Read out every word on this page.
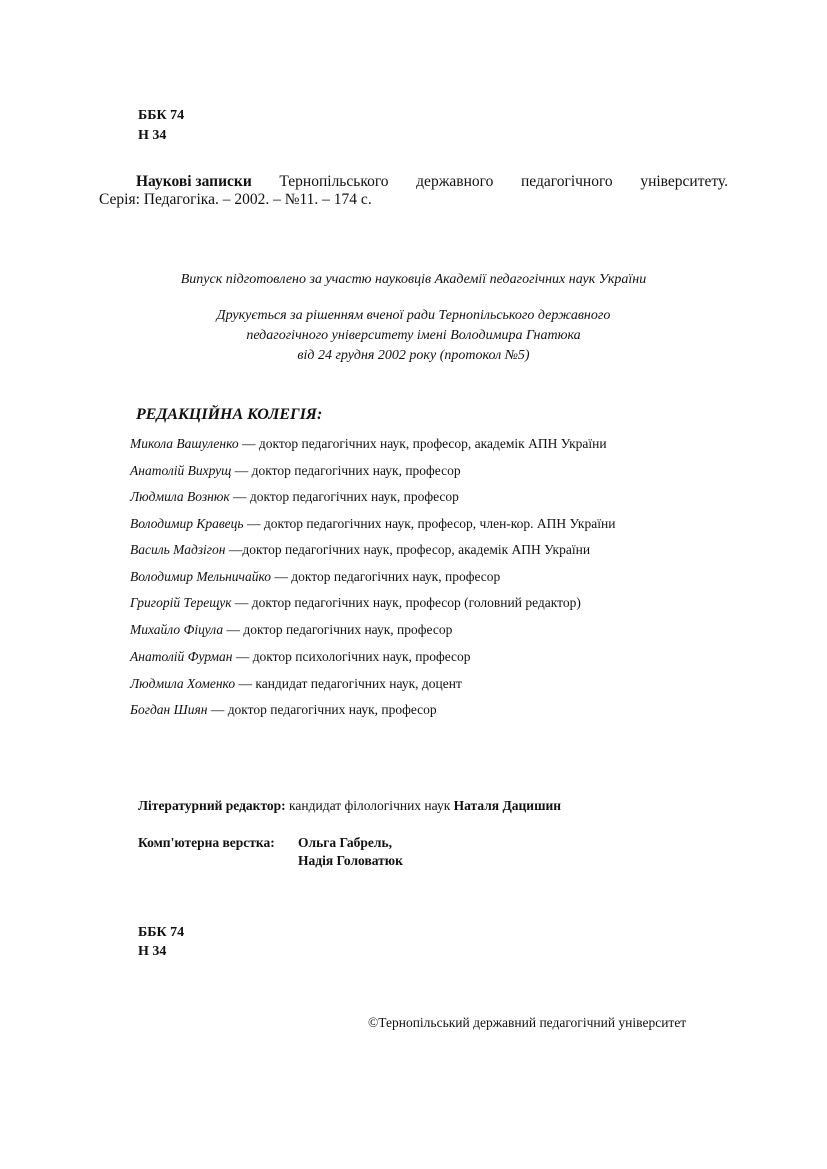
ББК 74
Н 34
Наукові записки Тернопільського державного педагогічного університету.
Серія: Педагогіка. – 2002. – №11. – 174 с.
Випуск підготовлено за участю науковців Академії педагогічних наук України
Друкується за рішенням вченої ради Тернопільського державного
педагогічного університету імені Володимира Гнатюка
від 24 грудня 2002 року (протокол №5)
РЕДАКЦІЙНА КОЛЕГІЯ:
Микола Вашуленко — доктор педагогічних наук, професор, академік АПН України
Анатолій Вихрущ — доктор педагогічних наук, професор
Людмила Вознюк — доктор педагогічних наук, професор
Володимир Кравець — доктор педагогічних наук, професор, член-кор. АПН України
Василь Мадзігон —доктор педагогічних наук, професор, академік АПН України
Володимир Мельничайко — доктор педагогічних наук, професор
Григорій Терещук — доктор педагогічних наук, професор (головний редактор)
Михайло Фіцула — доктор педагогічних наук, професор
Анатолій Фурман — доктор психологічних наук, професор
Людмила Хоменко — кандидат педагогічних наук, доцент
Богдан Шиян — доктор педагогічних наук, професор
Літературний редактор: кандидат філологічних наук Наталя Дацишин
Комп'ютерна верстка: Ольга Габрель,
Надія Головатюк
ББК 74
Н 34
©Тернопільський державний педагогічний університет
